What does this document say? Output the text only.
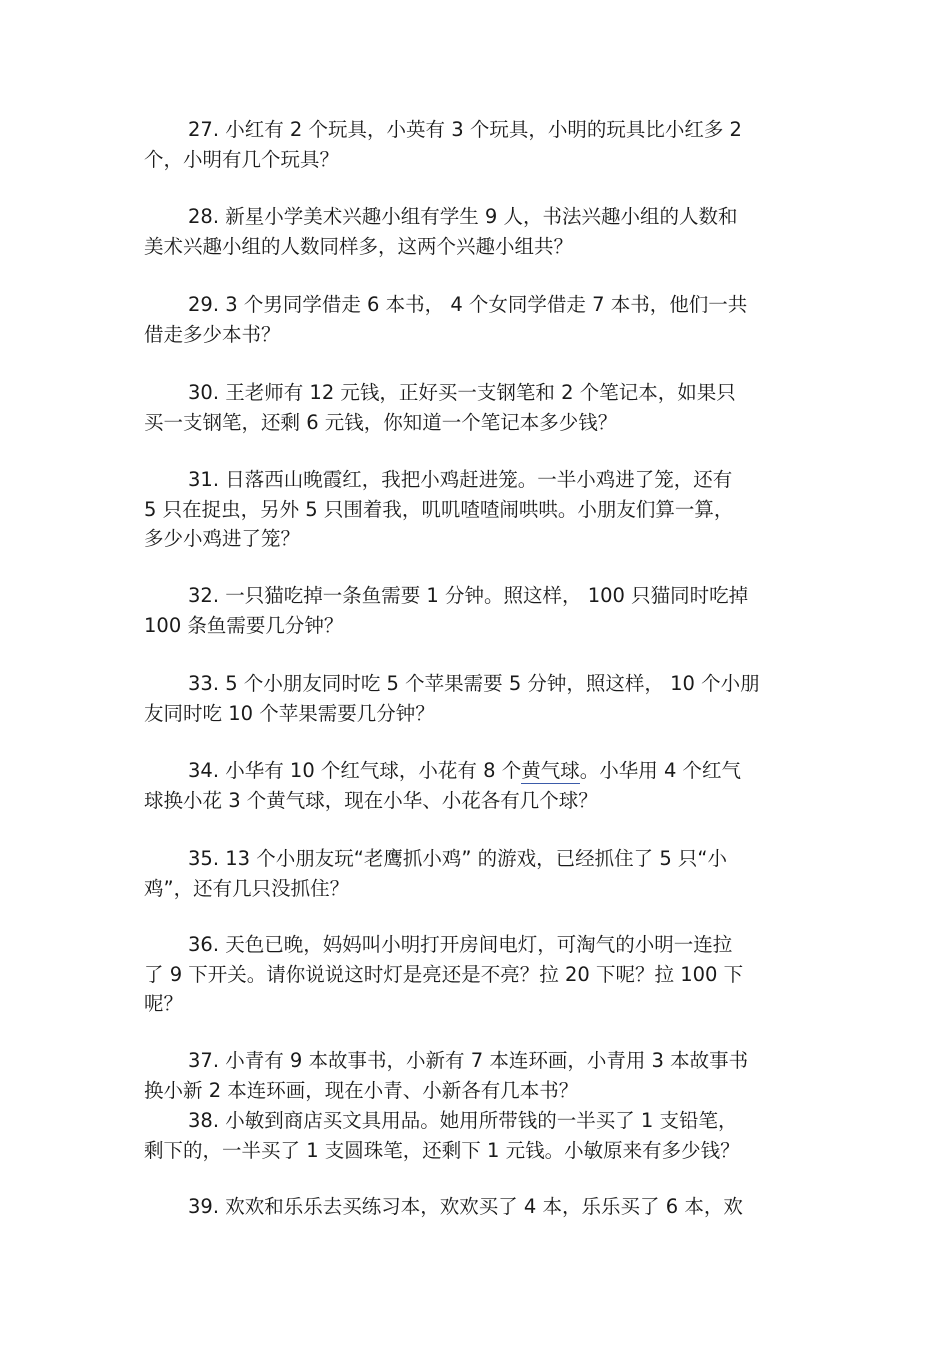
27. 小红有 2 个玩具，小英有 3 个玩具，小明的玩具比小红多 2
个，小明有几个玩具？
28. 新星小学美术兴趣小组有学生 9 人，书法兴趣小组的人数和
美术兴趣小组的人数同样多，这两个兴趣小组共？
29. 3 个男同学借走 6 本书， 4 个女同学借走 7 本书，他们一共
借走多少本书？
30. 王老师有 12 元钱，正好买一支钢笔和 2 个笔记本，如果只
买一支钢笔，还剩 6 元钱，你知道一个笔记本多少钱？
31. 日落西山晚霞红，我把小鸡赶进笼。一半小鸡进了笼，还有
5 只在捉虫，另外 5 只围着我，叽叽喳喳闹哄哄。小朋友们算一算，
多少小鸡进了笼？
32. 一只猫吃掉一条鱼需要 1 分钟。照这样， 100 只猫同时吃掉
100 条鱼需要几分钟？
33. 5 个小朋友同时吃 5 个苹果需要 5 分钟，照这样， 10 个小朋
友同时吃 10 个苹果需要几分钟？
34. 小华有 10 个红气球，小花有 8 个黄气球。小华用 4 个红气
球换小花 3 个黄气球，现在小华、小花各有几个球？
35. 13 个小朋友玩“老鹰抓小鸡” 的游戏，已经抓住了 5 只“小
鸡”，还有几只没抓住？
36. 天色已晚，妈妈叫小明打开房间电灯，可淘气的小明一连拉
了 9 下开关。请你说说这时灯是亮还是不亮？拉 20 下呢？拉 100 下
呢？
37. 小青有 9 本故事书，小新有 7 本连环画，小青用 3 本故事书
换小新 2 本连环画，现在小青、小新各有几本书？
38. 小敏到商店买文具用品。她用所带钱的一半买了 1 支铅笔，
剩下的，一半买了 1 支圆珠笔，还剩下 1 元钱。小敏原来有多少钱？
39. 欢欢和乐乐去买练习本，欢欢买了 4 本，乐乐买了 6 本，欢
